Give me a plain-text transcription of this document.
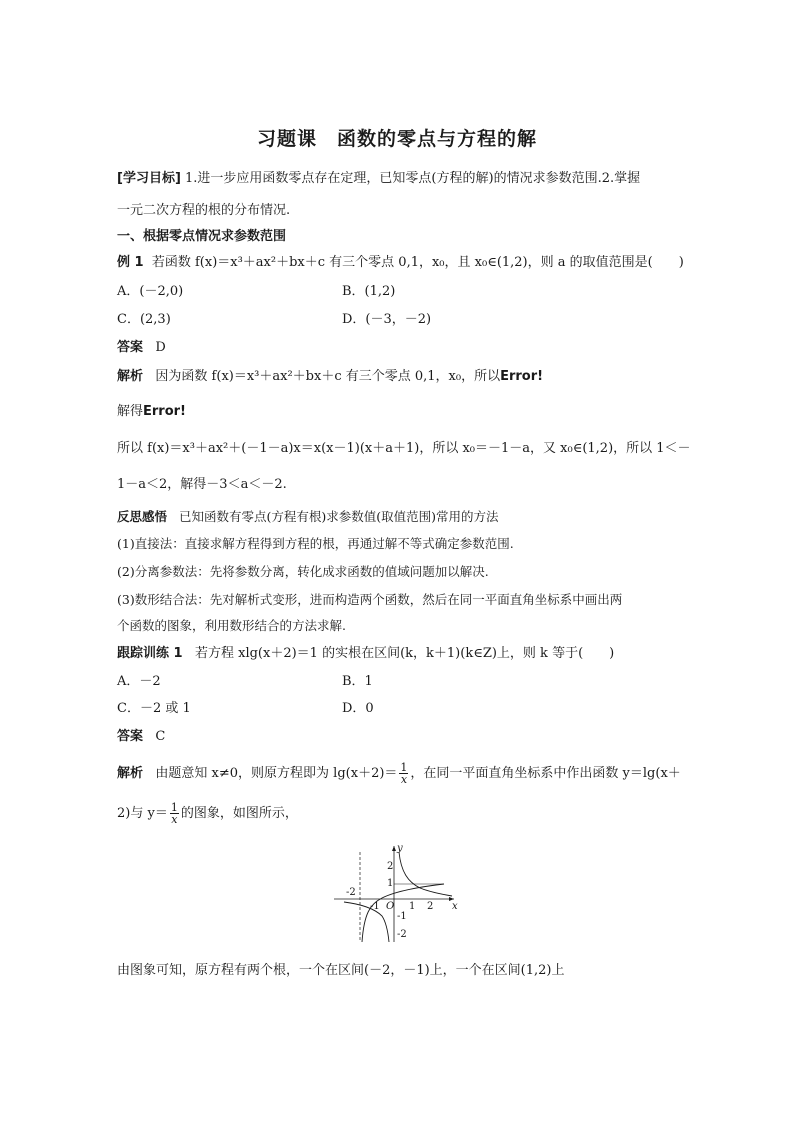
习题课　函数的零点与方程的解
[学习目标] 1.进一步应用函数零点存在定理，已知零点(方程的解)的情况求参数范围.2.掌握
一元二次方程的根的分布情况.
一、根据零点情况求参数范围
例 1 若函数 f(x)＝x³＋ax²＋bx＋c 有三个零点 0,1，x₀，且 x₀∈(1,2)，则 a 的取值范围是(　　)
A．(－2,0)	B．(1,2)
C．(2,3)	D．(－3，－2)
答案 D
解析 因为函数 f(x)＝x³＋ax²＋bx＋c 有三个零点 0,1，x₀，所以Error!
解得Error!
所以 f(x)＝x³＋ax²＋(－1－a)x＝x(x－1)(x＋a＋1)，所以 x₀＝－1－a，又 x₀∈(1,2)，所以 1＜－
1－a＜2，解得－3＜a＜－2.
反思感悟 已知函数有零点(方程有根)求参数值(取值范围)常用的方法
(1)直接法：直接求解方程得到方程的根，再通过解不等式确定参数范围.
(2)分离参数法：先将参数分离，转化成求函数的值域问题加以解决.
(3)数形结合法：先对解析式变形，进而构造两个函数，然后在同一平面直角坐标系中画出两
个函数的图象，利用数形结合的方法求解.
跟踪训练 1 若方程 xlg(x＋2)＝1 的实根在区间(k，k＋1)(k∈Z)上，则 k 等于(　　)
A．－2	B．1
C．－2 或 1	D．0
答案 C
解析 由题意知 x≠0，则原方程即为 $\lg(x+2)= \frac{1}{x}$ ，在同一平面直角坐标系中作出函数 y＝lg(x＋
2)与 $y= \frac{1}{x}$ 的图象，如图所示，
y
x
O
-2
-1	1 2
2
1
-1
-2
由图象可知，原方程有两个根，一个在区间(－2，－1)上，一个在区间(1,2)上
